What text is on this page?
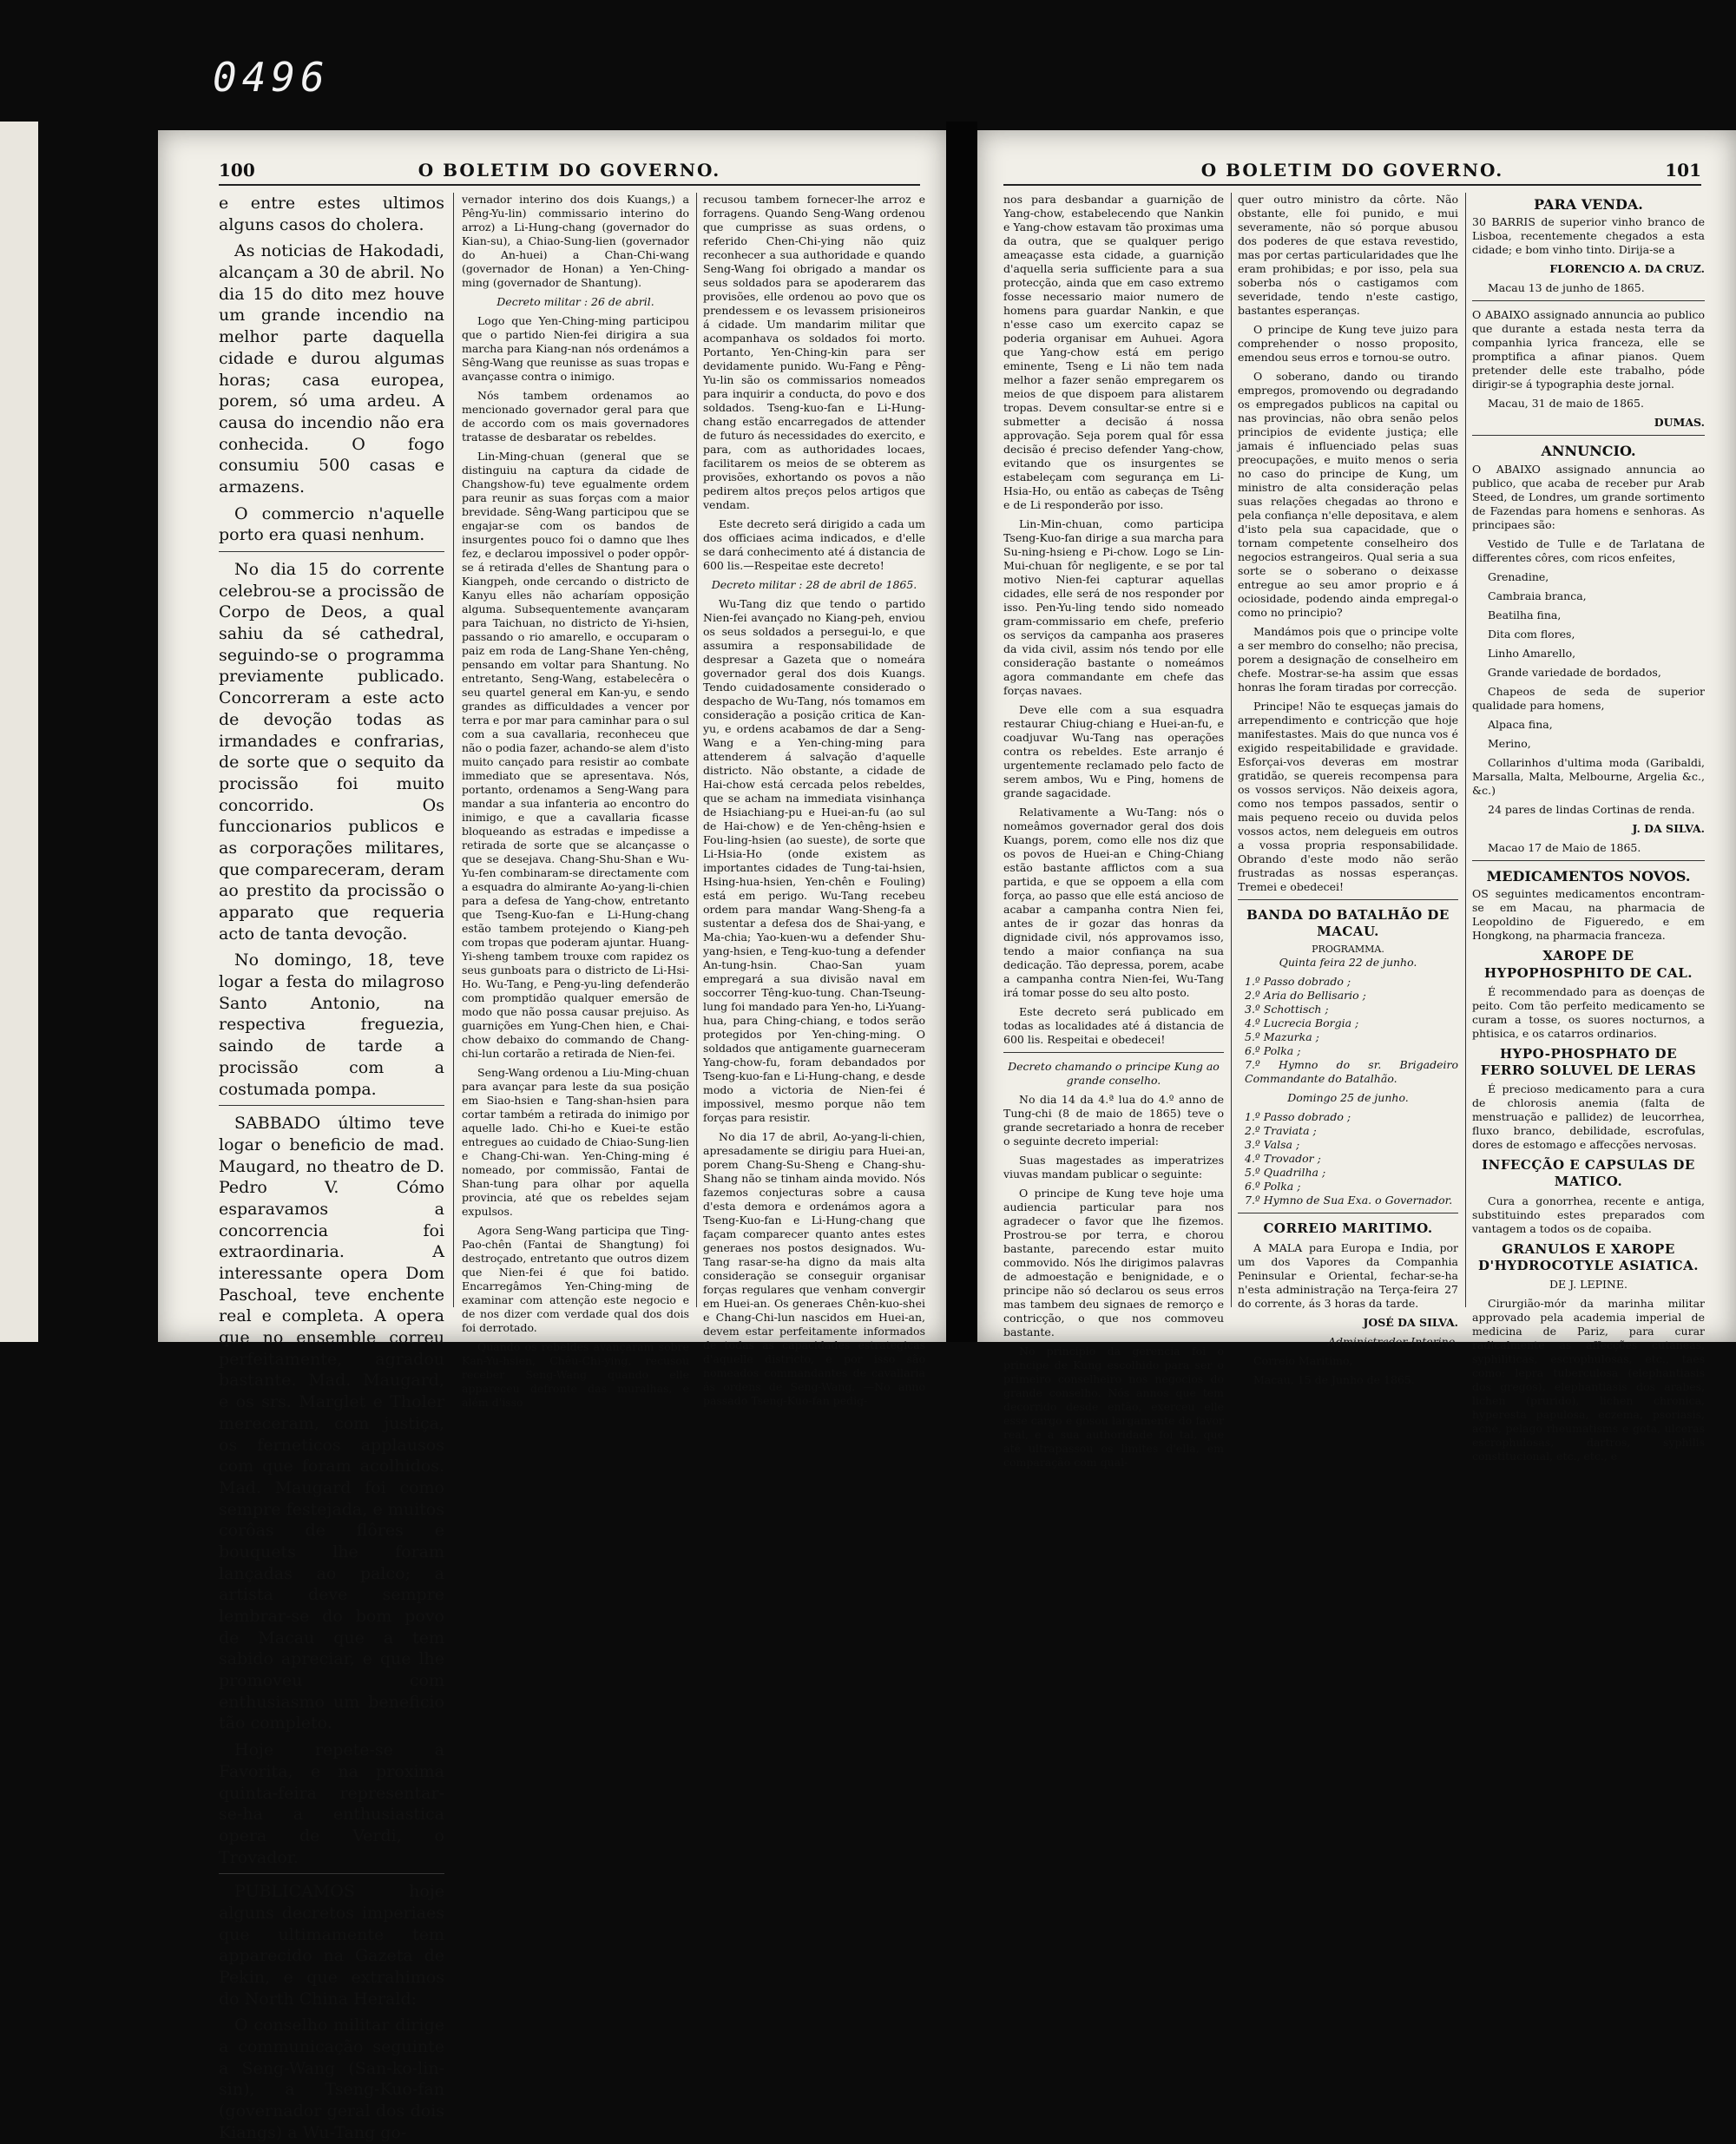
0496
100	O BOLETIM DO GOVERNO.

e entre estes ultimos alguns casos do cholera.

As noticias de Hakodadi, alcançam a 30 de abril. No dia 15 do dito mez houve um grande incendio na melhor parte daquella cidade e durou algumas horas; casa europea, porem, só uma ardeu. A causa do incendio não era conhecida. O fogo consumiu 500 casas e armazens.

O commercio n'aquelle porto era quasi nenhum.

No dia 15 do corrente celebrou-se a procissão de Corpo de Deos, a qual sahiu da sé cathedral, seguindo-se o programma previamente publicado. Concorreram a este acto de devoção todas as irmandades e confrarias, de sorte que o sequito da procissão foi muito concorrido. Os funccionarios publicos e as corporações militares, que compareceram, deram ao prestito da procissão o apparato que requeria acto de tanta devoção.

No domingo, 18, teve logar a festa do milagroso Santo Antonio, na respectiva freguezia, saindo de tarde a procissão com a costumada pompa.

SABBADO último teve logar o beneficio de mad. Maugard, no theatro de D. Pedro V. Cómo esparavamos a concorrencia foi extraordinaria. A interessante opera Dom Paschoal, teve enchente real e completa. A opera que no ensemble correu perfeitamente, agradou bastante. Mad. Maugard, e os srs. Marglet e Tholer mereceram, com justiça, os ferneticos applausos com que foram acolhidos. Mad. Maugard foi como sempre festejada, e muitos corôas de flôres e bouquets lhe foram lançadas ao palco; a artista deve sempre lembrar-se do bom povo de Macau que a tem sabido apreciar, e que lhe promoveu com enthusiasmo um beneficio tão completo.

Hoje repete-se a Favorita, e na proxima quinta-feira representar-se-ha a enthusiastica opera de Verdi, o Trovador.

PUBLICAMOS hoje alguns decretos imperiaes que ultimamente tem apparecido na Gazeta de Pekin, e que extrahimos do North China Herald:

O conselho militar dirige a communicação seguinte a Seng-Wang (San-ko-lin-sin), a Tseng-Kuo-fan (governador geral dos dois Kiangs) a Wu-Tang go-

vernador interino dos dois Kuangs,) a Pêng-Yu-lin) commissario interino do arroz) a Li-Hung-chang (governador do Kian-su), a Chiao-Sung-lien (governador do An-huei) a Chan-Chi-wang (governador de Honan) a Yen-Ching-ming (governador de Shantung).

Decreto militar : 26 de abril.

Logo que Yen-Ching-ming participou que o partido Nien-fei dirigira a sua marcha para Kiang-nan nós ordenámos a Sêng-Wang que reunisse as suas tropas e avançasse contra o inimigo.

Nós tambem ordenamos ao mencionado governador geral para que de accordo com os mais governadores tratasse de desbaratar os rebeldes.

Lin-Ming-chuan (general que se distinguiu na captura da cidade de Changshow-fu) teve egualmente ordem para reunir as suas forças com a maior brevidade. Sêng-Wang participou que se engajar-se com os bandos de insurgentes pouco foi o damno que lhes fez, e declarou impossivel o poder oppôr-se á retirada d'elles de Shantung para o Kiangpeh, onde cercando o districto de Kanyu elles não acharíam opposição alguma. Subsequentemente avançaram para Taichuan, no districto de Yi-hsien, passando o rio amarello, e occuparam o paiz em roda de Lang-Shane Yen-chêng, pensando em voltar para Shantung. No entretanto, Seng-Wang, estabelecêra o seu quartel general em Kan-yu, e sendo grandes as difficuldades a vencer por terra e por mar para caminhar para o sul com a sua cavallaria, reconheceu que não o podia fazer, achando-se alem d'isto muito cançado para resistir ao combate immediato que se apresentava. Nós, portanto, ordenamos a Seng-Wang para mandar a sua infanteria ao encontro do inimigo, e que a cavallaria ficasse bloqueando as estradas e impedisse a retirada de sorte que se alcançasse o que se desejava. Chang-Shu-Shan e Wu-Yu-fen combinaram-se directamente com a esquadra do almirante Ao-yang-li-chien para a defesa de Yang-chow, entretanto que Tseng-Kuo-fan e Li-Hung-chang estão tambem protejendo o Kiang-peh com tropas que poderam ajuntar. Huang-Yi-sheng tambem trouxe com rapidez os seus gunboats para o districto de Li-Hsi-Ho. Wu-Tang, e Peng-yu-ling defenderão com promptidão qualquer emersão de modo que não possa causar prejuiso. As guarnições em Yung-Chen hien, e Chai-chow debaixo do commando de Chang-chi-lun cortarão a retirada de Nien-fei.

Seng-Wang ordenou a Liu-Ming-chuan para avançar para leste da sua posição em Siao-hsien e Tang-shan-hsien para cortar também a retirada do inimigo por aquelle lado. Chi-ho e Kuei-te estão entregues ao cuidado de Chiao-Sung-lien e Chang-Chi-wan. Yen-Ching-ming é nomeado, por commissão, Fantai de Shan-tung para olhar por aquella provincia, até que os rebeldes sejam expulsos.

Agora Seng-Wang participa que Ting-Pao-chên (Fantai de Shangtung) foi destroçado, entretanto que outros dizem que Nien-fei é que foi batido. Encarregâmos Yen-Ching-ming de examinar com attenção este negocio e de nos dizer com verdade qual dos dois foi derrotado.

Quando os rebeldes avançaram sobre Kan-Yu-hsien, Chêu-Chi-ying, recusou receber Seng-Wang quando elle appareceu defronte das muralhas, e além d'isso

recusou tambem fornecer-lhe arroz e forragens. Quando Seng-Wang ordenou que cumprisse as suas ordens, o referido Chen-Chi-ying não quiz reconhecer a sua authoridade e quando Seng-Wang foi obrigado a mandar os seus soldados para se apoderarem das provisões, elle ordenou ao povo que os prendessem e os levassem prisioneiros á cidade. Um mandarim militar que acompanhava os soldados foi morto. Portanto, Yen-Ching-kin para ser devidamente punido. Wu-Fang e Pêng-Yu-lin são os commissarios nomeados para inquirir a conducta, do povo e dos soldados. Tseng-kuo-fan e Li-Hung-chang estão encarregados de attender de futuro ás necessidades do exercito, e para, com as authoridades locaes, facilitarem os meios de se obterem as provisões, exhortando os povos a não pedirem altos preços pelos artigos que vendam.

Este decreto será dirigido a cada um dos officiaes acima indicados, e d'elle se dará conhecimento até á distancia de 600 lis.—Respeitae este decreto!

Decreto militar : 28 de abril de 1865.

Wu-Tang diz que tendo o partido Nien-fei avançado no Kiang-peh, enviou os seus soldados a persegui-lo, e que assumira a responsabilidade de despresar a Gazeta que o nomeára governador geral dos dois Kuangs. Tendo cuidadosamente considerado o despacho de Wu-Tang, nós tomamos em consideração a posição critica de Kan-yu, e ordens acabamos de dar a Seng-Wang e a Yen-ching-ming para attenderem á salvação d'aquelle districto. Não obstante, a cidade de Hai-chow está cercada pelos rebeldes, que se acham na immediata visinhança de Hsiachiang-pu e Huei-an-fu (ao sul de Hai-chow) e de Yen-chêng-hsien e Fou-ling-hsien (ao sueste), de sorte que Li-Hsia-Ho (onde existem as importantes cidades de Tung-tai-hsien, Hsing-hua-hsien, Yen-chên e Fouling) está em perigo. Wu-Tang recebeu ordem para mandar Wang-Sheng-fa a sustentar a defesa dos de Shai-yang, e Ma-chia; Yao-kuen-wu a defender Shu-yang-hsien, e Teng-kuo-tung a defender An-tung-hsin. Chao-San yuam empregará a sua divisão naval em soccorrer Têng-kuo-tung. Chan-Tseung-lung foi mandado para Yen-ho, Li-Yuang-hua, para Ching-chiang, e todos serão protegidos por Yen-ching-ming. O soldados que antigamente guarneceram Yang-chow-fu, foram debandados por Tseng-kuo-fan e Li-Hung-chang, e desde modo a victoria de Nien-fei é impossivel, mesmo porque não tem forças para resistir.

No dia 17 de abril, Ao-yang-li-chien, apresadamente se dirigiu para Huei-an, porem Chang-Su-Sheng e Chang-shu-Shang não se tinham ainda movido. Nós fazemos conjecturas sobre a causa d'esta demora e ordenámos agora a Tseng-Kuo-fan e Li-Hung-chang que façam comparecer quanto antes estes generaes nos postos designados. Wu-Tang rasar-se-ha digno da mais alta consideração se conseguir organisar forças regulares que venham convergir em Huei-an. Os generaes Chên-kuo-shei e Chang-Chi-lun nascidos em Huei-an, devem estar perfeitamente informados de todas as capacidades estrategicas d'aquelle districto, e por isso são nomeados commandantes de cavallaria ás ordens de Seng-Wang. —No anno passado Tseng-Kuo-fan pedig-

O BOLETIM DO GOVERNO.	101

nos para desbandar a guarnição de Yang-chow, estabelecendo que Nankin e Yang-chow estavam tão proximas uma da outra, que se qualquer perigo ameaçasse esta cidade, a guarnição d'aquella seria sufficiente para a sua protecção, ainda que em caso extremo fosse necessario maior numero de homens para guardar Nankin, e que n'esse caso um exercito capaz se poderia organisar em Auhuei. Agora que Yang-chow está em perigo eminente, Tseng e Li não tem nada melhor a fazer senão empregarem os meios de que dispoem para alistarem tropas. Devem consultar-se entre si e submetter a decisão á nossa approvação. Seja porem qual fôr essa decisão é preciso defender Yang-chow, evitando que os insurgentes se estabeleçam com segurança em Li-Hsia-Ho, ou então as cabeças de Tsêng e de Li responderão por isso.

Lin-Min-chuan, como participa Tseng-Kuo-fan dirige a sua marcha para Su-ning-hsieng e Pi-chow. Logo se Lin-Mui-chuan fôr negligente, e se por tal motivo Nien-fei capturar aquellas cidades, elle será de nos responder por isso. Pen-Yu-ling tendo sido nomeado gram-commissario em chefe, preferio os serviços da campanha aos praseres da vida civil, assim nós tendo por elle consideração bastante o nomeámos agora commandante em chefe das forças navaes.

Deve elle com a sua esquadra restaurar Chiug-chiang e Huei-an-fu, e coadjuvar Wu-Tang nas operações contra os rebeldes. Este arranjo é urgentemente reclamado pelo facto de serem ambos, Wu e Ping, homens de grande sagacidade.

Relativamente a Wu-Tang: nós o nomeâmos governador geral dos dois Kuangs, porem, como elle nos diz que os povos de Huei-an e Ching-Chiang estão bastante afflictos com a sua partida, e que se oppoem a ella com força, ao passo que elle está ancioso de acabar a campanha contra Nien fei, antes de ir gozar das honras da dignidade civil, nós approvamos isso, tendo a maior confiança na sua dedicação. Tão depressa, porem, acabe a campanha contra Nien-fei, Wu-Tang irá tomar posse do seu alto posto.

Este decreto será publicado em todas as localidades até á distancia de 600 lis. Respeitai e obedecei!

Decreto chamando o principe Kung ao grande conselho.

No dia 14 da 4.ª lua do 4.º anno de Tung-chi (8 de maio de 1865) teve o grande secretariado a honra de receber o seguinte decreto imperial:

Suas magestades as imperatrizes viuvas mandam publicar o seguinte:

O principe de Kung teve hoje uma audiencia particular para nos agradecer o favor que lhe fizemos. Prostrou-se por terra, e chorou bastante, parecendo estar muito commovido. Nós lhe dirigimos palavras de admoestação e benignidade, e o principe não só declarou os seus erros mas tambem deu signaes de remorço e contricção, o que nos commoveu bastante.

No principio da gerencia foi o principe de Kung escolhido para ser o primeiro conselheiro nos negocios do grande conselho. Nós annos que tem decorrido desde então, exerceu elle esse cargo e gosou largamente do favor real, e a sua authoridade foi tal, que até ultrapassou os limites d'ella, em comparação com qual-

quer outro ministro da côrte. Não obstante, elle foi punido, e mui severamente, não só porque abusou dos poderes de que estava revestido, mas por certas particularidades que lhe eram prohibidas; e por isso, pela sua soberba nós o castigamos com severidade, tendo n'este castigo, bastantes esperanças.

O principe de Kung teve juizo para comprehender o nosso proposito, emendou seus erros e tornou-se outro.

O soberano, dando ou tirando empregos, promovendo ou degradando os empregados publicos na capital ou nas provincias, não obra senão pelos principios de evidente justiça; elle jamais é influenciado pelas suas preocupações, e muito menos o seria no caso do principe de Kung, um ministro de alta consideração pelas suas relações chegadas ao throno e pela confiança n'elle depositava, e alem d'isto pela sua capacidade, que o tornam competente conselheiro dos negocios estrangeiros. Qual seria a sua sorte se o soberano o deixasse entregue ao seu amor proprio e á ociosidade, podendo ainda empregal-o como no principio?

Mandámos pois que o principe volte a ser membro do conselho; não precisa, porem a designação de conselheiro em chefe. Mostrar-se-ha assim que essas honras lhe foram tiradas por correcção.

Principe! Não te esqueças jamais do arrependimento e contricção que hoje manifestastes. Mais do que nunca vos é exigido respeitabilidade e gravidade. Esforçai-vos deveras em mostrar gratidão, se quereis recompensa para os vossos serviços. Não deixeis agora, como nos tempos passados, sentir o mais pequeno receio ou duvida pelos vossos actos, nem delegueis em outros a vossa propria responsabilidade. Obrando d'este modo não serão frustradas as nossas esperanças. Tremei e obedecei!

BANDA DO BATALHÃO DE MACAU.
PROGRAMMA.

Quinta feira 22 de junho.

1.º Passo dobrado ;
2.º Aria do Bellisario ;
3.º Schottisch ;
4.º Lucrecia Borgia ;
5.º Mazurka ;
6.º Polka ;
7.º Hymno do sr. Brigadeiro Commandante do Batalhão.

Domingo 25 de junho.

1.º Passo dobrado ;
2.º Traviata ;
3.º Valsa ;
4.º Trovador ;
5.º Quadrilha ;
6.º Polka ;
7.º Hymno de Sua Exa. o Governador.
CORREIO MARITIMO.

A MALA para Europa e India, por um dos Vapores da Companhia Peninsular e Oriental, fechar-se-ha n'esta administração na Terça-feira 27 do corrente, ás 3 horas da tarde.

JOSÉ DA SILVA.

Administrador Interino.

Correio Maritimo,

Macau, 15 de Junho de 1865.

PARA VENDA.

30 BARRIS de superior vinho branco de Lisboa, recentemente chegados a esta cidade; e bom vinho tinto. Dirija-se a

FLORENCIO A. DA CRUZ.

Macau 13 de junho de 1865.

O ABAIXO assignado annuncia ao publico que durante a estada nesta terra da companhia lyrica franceza, elle se promptifica a afinar pianos. Quem pretender delle este trabalho, póde dirigir-se á typographia deste jornal.

Macau, 31 de maio de 1865.

DUMAS.

ANNUNCIO.

O ABAIXO assignado annuncia ao publico, que acaba de receber pur Arab Steed, de Londres, um grande sortimento de Fazendas para homens e senhoras. As principaes são:

Vestido de Tulle e de Tarlatana de differentes côres, com ricos enfeites,

Grenadine,

Cambraia branca,

Beatilha fina,

Dita com flores,

Linho Amarello,

Grande variedade de bordados,

Chapeos de seda de superior qualidade para homens,

Alpaca fina,

Merino,

Collarinhos d'ultima moda (Garibaldi, Marsalla, Malta, Melbourne, Argelia &c., &c.)

24 pares de lindas Cortinas de renda.

J. DA SILVA.

Macao 17 de Maio de 1865.

MEDICAMENTOS NOVOS.

OS seguintes medicamentos encontram-se em Macau, na pharmacia de Leopoldino de Figueredo, e em Hongkong, na pharmacia franceza.

XAROPE DE HYPOPHOSPHITO DE CAL.

É recommendado para as doenças de peito. Com tão perfeito medicamento se curam a tosse, os suores nocturnos, a phtisica, e os catarros ordinarios.

HYPO-PHOSPHATO DE FERRO SOLUVEL DE LERAS

É precioso medicamento para a cura de chlorosis anemia (falta de menstruação e pallidez) de leucorrhea, fluxo branco, debilidade, escrofulas, dores de estomago e affecções nervosas.

INFECÇÃO E CAPSULAS DE MATICO.

Cura a gonorrhea, recente e antiga, substituindo estes preparados com vantagem a todos os de copaiba.

GRANULOS E XAROPE D'HYDROCOTYLE ASIATICA.

DE J. LEPINE.

Cirurgião-mór da marinha militar approvado pela academia imperial de medicina de Pariz, para curar radicalmente as affecções cutaneas, syphiliticas, escrophulosas, etc., taes como: lepra tuberculosa (elephantiasis dos gregos), elephantiasis dos arabes, lichen (prurido), lichen chronica, hyperesta papulosa, eczema, psoriasis, acné, pelago rheumatisms e gota, ulceras escrophulosas, dartros, syphilis constitucional, etc., etc., e
